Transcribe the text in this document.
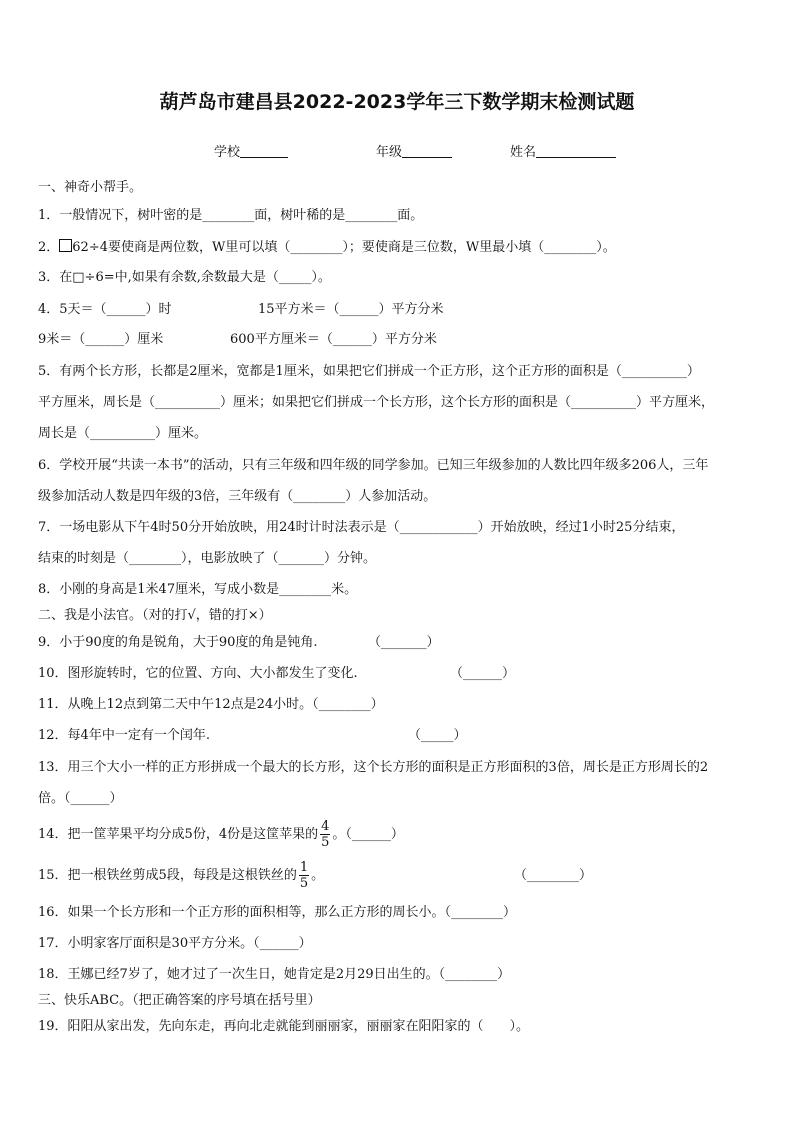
葫芦岛市建昌县2022-2023学年三下数学期末检测试题
学校	年级	姓名
一、神奇小帮手。
1．一般情况下，树叶密的是________面，树叶稀的是________面。
2． 62÷4要使商是两位数，W里可以填（________）；要使商是三位数，W里最小填（________）。
3．在□÷6=中,如果有余数,余数最大是（_____）。
4．5天＝（______）时	15平方米＝（______）平方分米
9米＝（______）厘米	600平方厘米＝（______）平方分米
5．有两个长方形，长都是2厘米，宽都是1厘米，如果把它们拼成一个正方形，这个正方形的面积是（__________）
平方厘米，周长是（__________）厘米；如果把它们拼成一个长方形，这个长方形的面积是（__________）平方厘米，
周长是（__________）厘米。
6．学校开展“共读一本书”的活动，只有三年级和四年级的同学参加。已知三年级参加的人数比四年级多206人，三年
级参加活动人数是四年级的3倍，三年级有（________）人参加活动。
7．一场电影从下午4时50分开始放映，用24时计时法表示是（____________）开始放映，经过1小时25分结束，
结束的时刻是（________），电影放映了（_______）分钟。
8．小刚的身高是1米47厘米，写成小数是________米。
二、我是小法官。（对的打√，错的打×）
9．小于90度的角是锐角，大于90度的角是钝角.	（_______）
10．图形旋转时，它的位置、方向、大小都发生了变化.	（______）
11．从晚上12点到第二天中午12点是24小时。（________）
12．每4年中一定有一个闰年.	（_____）
13．用三个大小一样的正方形拼成一个最大的长方形，这个长方形的面积是正方形面积的3倍，周长是正方形周长的2
倍。（______）
14．把一筐苹果平均分成5份，4份是这筐苹果的 $\frac{4}{5}$ 。（______）
15．把一根铁丝剪成5段，每段是这根铁丝的 $\frac{1}{5}$ 。	（________）
16．如果一个长方形和一个正方形的面积相等，那么正方形的周长小。（________）
17．小明家客厅面积是30平方分米。（______）
18．王娜已经7岁了，她才过了一次生日，她肯定是2月29日出生的。（________）
三、快乐ABC。（把正确答案的序号填在括号里）
19．阳阳从家出发，先向东走，再向北走就能到丽丽家，丽丽家在阳阳家的（　　）。
